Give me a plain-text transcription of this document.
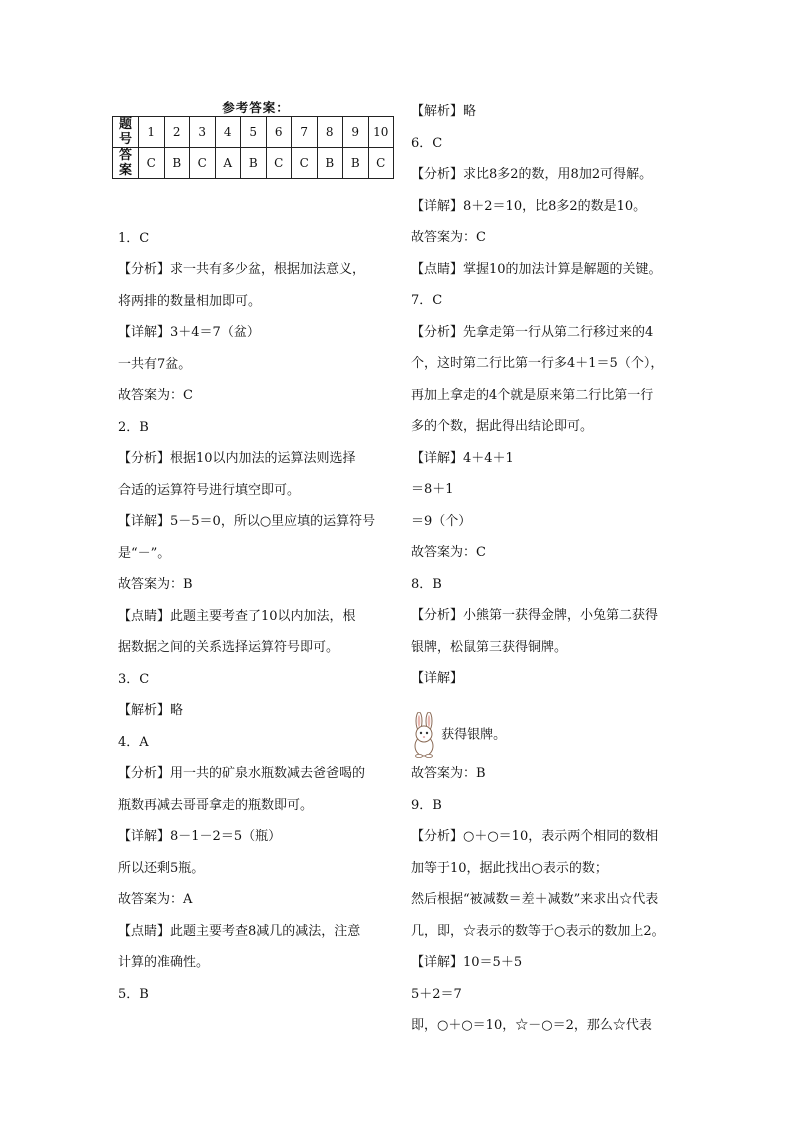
参考答案：
题
号	1	2	3	4	5	6	7	8	9	10

答
案	C	B	C	A	B	C	C	B	B	C
1．C
【分析】求一共有多少盆，根据加法意义，
将两排的数量相加即可。
【详解】3＋4＝7（盆）
一共有7盆。
故答案为：C
2．B
【分析】根据10以内加法的运算法则选择
合适的运算符号进行填空即可。
【详解】5－5＝0，所以○里应填的运算符号
是“－”。
故答案为：B
【点睛】此题主要考查了10以内加法，根
据数据之间的关系选择运算符号即可。
3．C
【解析】略
4．A
【分析】用一共的矿泉水瓶数减去爸爸喝的
瓶数再减去哥哥拿走的瓶数即可。
【详解】8－1－2＝5（瓶）
所以还剩5瓶。
故答案为：A
【点睛】此题主要考查8减几的减法，注意
计算的准确性。
5．B
【解析】略
6．C
【分析】求比8多2的数，用8加2可得解。
【详解】8＋2＝10，比8多2的数是10。
故答案为：C
【点睛】掌握10的加法计算是解题的关键。
7．C
【分析】先拿走第一行从第二行移过来的4
个，这时第二行比第一行多4＋1＝5（个），
再加上拿走的4个就是原来第二行比第一行
多的个数，据此得出结论即可。
【详解】4＋4＋1
＝8＋1
＝9（个）
故答案为：C
8．B
【分析】小熊第一获得金牌，小兔第二获得
银牌，松鼠第三获得铜牌。
【详解】
获得银牌。
故答案为：B
9．B
【分析】○＋○＝10，表示两个相同的数相
加等于10，据此找出○表示的数；
然后根据“被减数＝差＋减数”来求出☆代表
几，即，☆表示的数等于○表示的数加上2。
【详解】10＝5＋5
5＋2＝7
即，○＋○＝10，☆－○＝2，那么☆代表
